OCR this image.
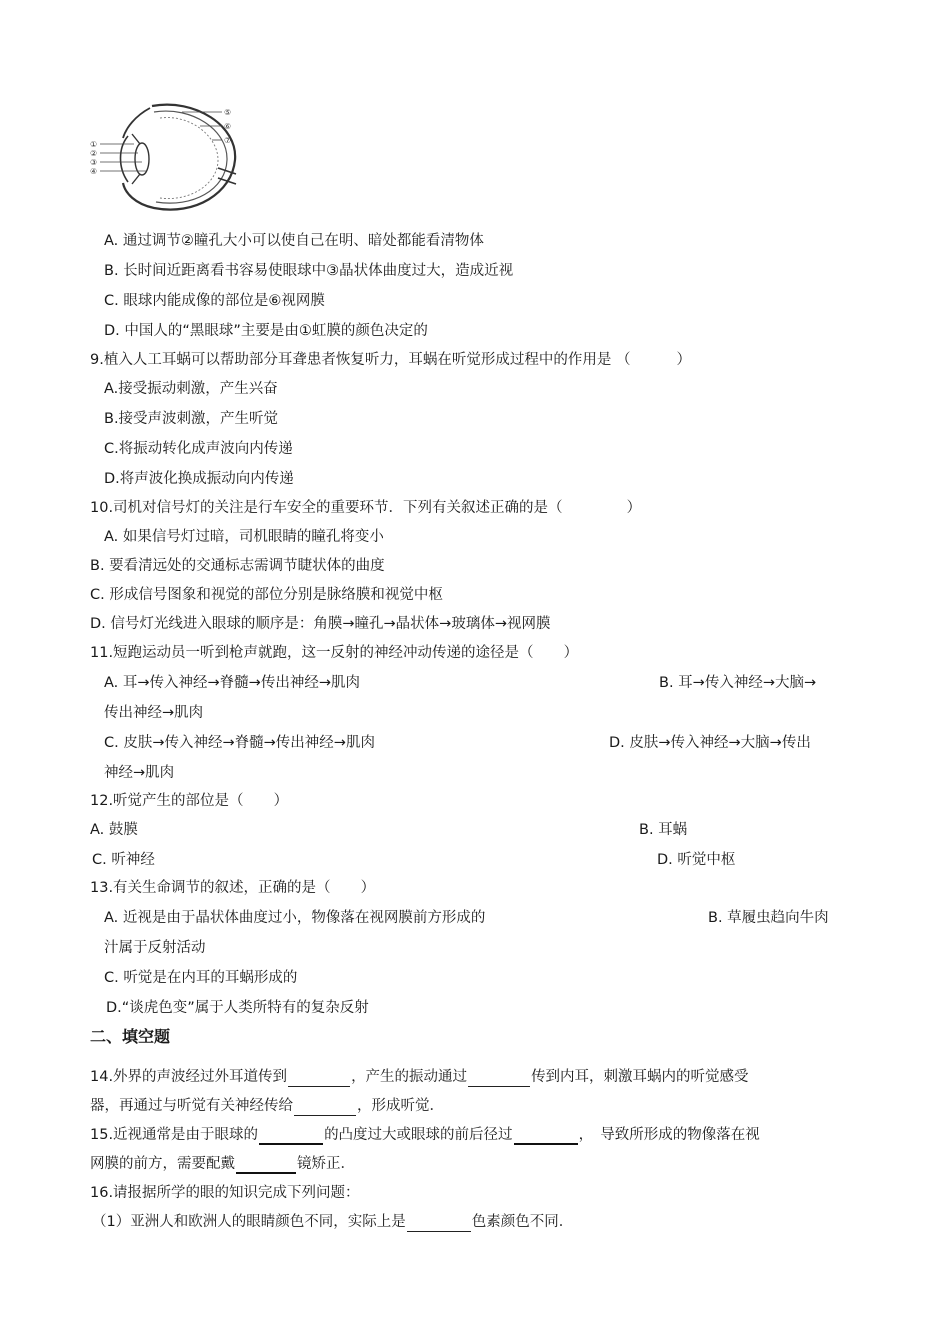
⑤
⑥
⑦
①
②
③
④
A. 通过调节②瞳孔大小可以使自己在明、暗处都能看清物体
B. 长时间近距离看书容易使眼球中③晶状体曲度过大，造成近视
C. 眼球内能成像的部位是⑥视网膜
D. 中国人的“黑眼球”主要是由①虹膜的颜色决定的
9.植入人工耳蜗可以帮助部分耳聋患者恢复听力，耳蜗在听觉形成过程中的作用是 （	）
A.接受振动刺激，产生兴奋
B.接受声波刺激，产生听觉
C.将振动转化成声波向内传递
D.将声波化换成振动向内传递
10.司机对信号灯的关注是行车安全的重要环节．下列有关叙述正确的是（	）
A. 如果信号灯过暗，司机眼睛的瞳孔将变小
B. 要看清远处的交通标志需调节睫状体的曲度
C. 形成信号图象和视觉的部位分别是脉络膜和视觉中枢
D. 信号灯光线进入眼球的顺序是：角膜→瞳孔→晶状体→玻璃体→视网膜
11.短跑运动员一听到枪声就跑，这一反射的神经冲动传递的途径是（ ）
A. 耳→传入神经→脊髓→传出神经→肌肉	B. 耳→传入神经→大脑→
传出神经→肌肉
C. 皮肤→传入神经→脊髓→传出神经→肌肉	D. 皮肤→传入神经→大脑→传出
神经→肌肉
12.听觉产生的部位是（ ）
A. 鼓膜	B. 耳蜗
C. 听神经	D. 听觉中枢
13.有关生命调节的叙述，正确的是（ ）
A. 近视是由于晶状体曲度过小，物像落在视网膜前方形成的	B. 草履虫趋向牛肉
汁属于反射活动
C. 听觉是在内耳的耳蜗形成的
D.“谈虎色变”属于人类所特有的复杂反射
二、填空题
14.外界的声波经过外耳道传到	，产生的振动通过	传到内耳，刺激耳蜗内的听觉感受
器，再通过与听觉有关神经传给	，形成听觉．
15.近视通常是由于眼球的	的凸度过大或眼球的前后径过	，　导致所形成的物像落在视
网膜的前方，需要配戴	镜矫正．
16.请报据所学的眼的知识完成下列问题：
（1）亚洲人和欧洲人的眼睛颜色不同，实际上是	色素颜色不同．
